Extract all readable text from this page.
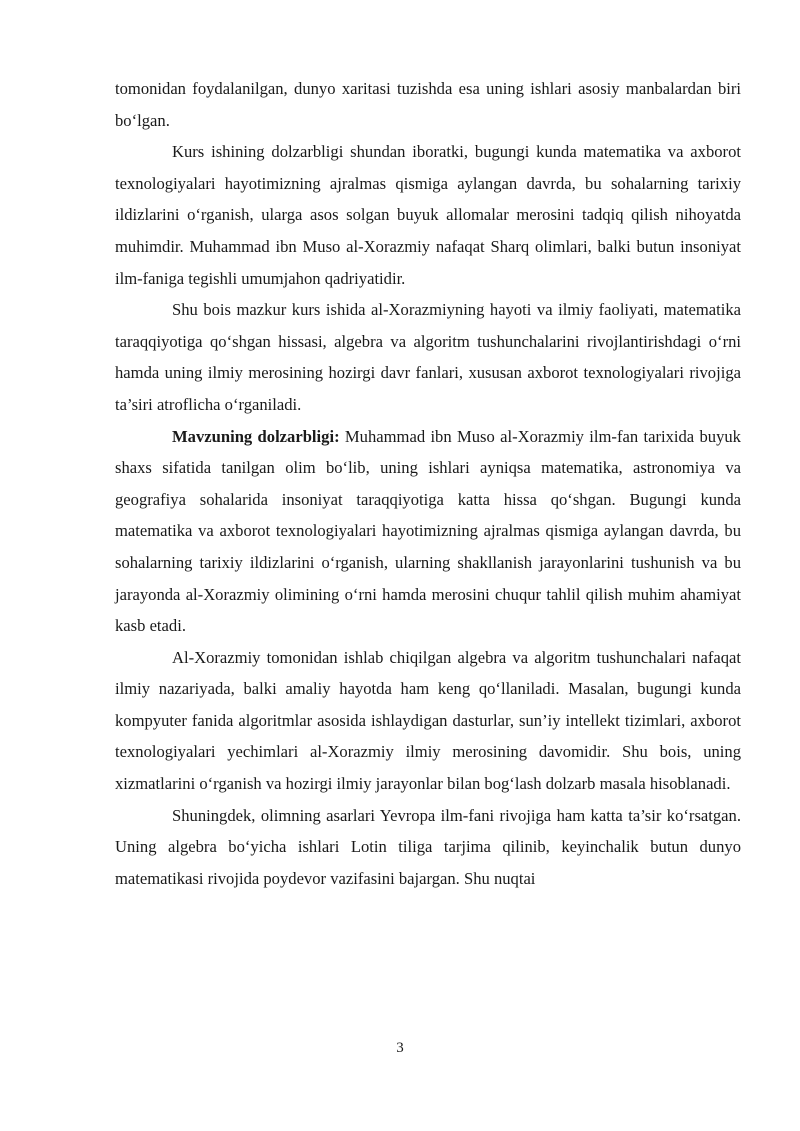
tomonidan foydalanilgan, dunyo xaritasi tuzishda esa uning ishlari asosiy manbalardan biri bo‘lgan.

Kurs ishining dolzarbligi shundan iboratki, bugungi kunda matematika va axborot texnologiyalari hayotimizning ajralmas qismiga aylangan davrda, bu sohalarning tarixiy ildizlarini o‘rganish, ularga asos solgan buyuk allomalar merosini tadqiq qilish nihoyatda muhimdir. Muhammad ibn Muso al-Xorazmiy nafaqat Sharq olimlari, balki butun insoniyat ilm-faniga tegishli umumjahon qadriyatidir.

Shu bois mazkur kurs ishida al-Xorazmiyning hayoti va ilmiy faoliyati, matematika taraqqiyotiga qo‘shgan hissasi, algebra va algoritm tushunchalarini rivojlantirishdagi o‘rni hamda uning ilmiy merosining hozirgi davr fanlari, xususan axborot texnologiyalari rivojiga ta’siri atroflicha o‘rganiladi.

Mavzuning dolzarbligi: Muhammad ibn Muso al-Xorazmiy ilm-fan tarixida buyuk shaxs sifatida tanilgan olim bo‘lib, uning ishlari ayniqsa matematika, astronomiya va geografiya sohalarida insoniyat taraqqiyotiga katta hissa qo‘shgan. Bugungi kunda matematika va axborot texnologiyalari hayotimizning ajralmas qismiga aylangan davrda, bu sohalarning tarixiy ildizlarini o‘rganish, ularning shakllanish jarayonlarini tushunish va bu jarayonda al-Xorazmiy olimining o‘rni hamda merosini chuqur tahlil qilish muhim ahamiyat kasb etadi.

Al-Xorazmiy tomonidan ishlab chiqilgan algebra va algoritm tushunchalari nafaqat ilmiy nazariyada, balki amaliy hayotda ham keng qo‘llaniladi. Masalan, bugungi kunda kompyuter fanida algoritmlar asosida ishlaydigan dasturlar, sun’iy intellekt tizimlari, axborot texnologiyalari yechimlari al-Xorazmiy ilmiy merosining davomidir. Shu bois, uning xizmatlarini o‘rganish va hozirgi ilmiy jarayonlar bilan bog‘lash dolzarb masala hisoblanadi.

Shuningdek, olimning asarlari Yevropa ilm-fani rivojiga ham katta ta’sir ko‘rsatgan. Uning algebra bo‘yicha ishlari Lotin tiliga tarjima qilinib, keyinchalik butun dunyo matematikasi rivojida poydevor vazifasini bajargan. Shu nuqtai

3
